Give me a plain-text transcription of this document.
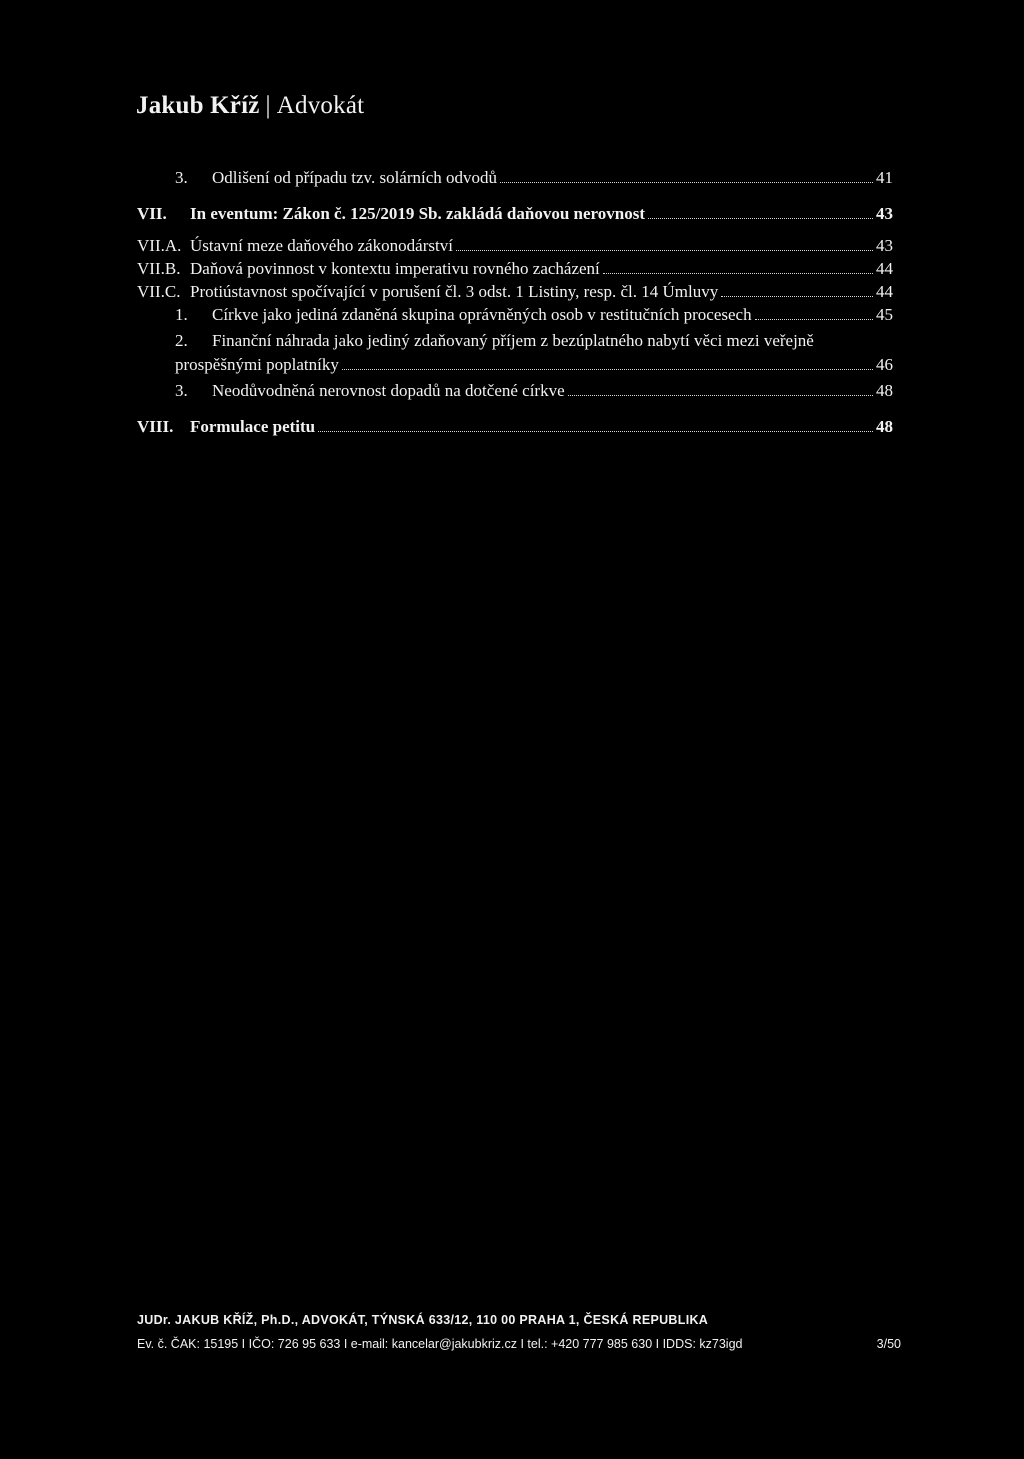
Jakub Kříž | Advokát
3.	Odlišení od případu tzv. solárních odvodů	41
VII.	In eventum: Zákon č. 125/2019 Sb. zakládá daňovou nerovnost	43
VII.A. Ústavní meze daňového zákonodárství	43
VII.B. Daňová povinnost v kontextu imperativu rovného zacházení	44
VII.C. Protiústavnost spočívající v porušení čl. 3 odst. 1 Listiny, resp. čl. 14 Úmluvy	44
1.	Církve jako jediná zdaněná skupina oprávněných osob v restitučních procesech	45
2. Finanční náhrada jako jediný zdaňovaný příjem z bezúplatného nabytí věci mezi veřejně
prospěšnými poplatníky	46
3.	Neodůvodněná nerovnost dopadů na dotčené církve	48
VIII. Formulace petitu	48
JUDr. JAKUB KŘÍŽ, Ph.D., ADVOKÁT, TÝNSKÁ 633/12, 110 00 PRAHA 1, ČESKÁ REPUBLIKA
Ev. č. ČAK: 15195 I IČO: 726 95 633 I e-mail: kancelar@jakubkriz.cz I tel.: +420 777 985 630 I IDDS: kz73igd	3/50
